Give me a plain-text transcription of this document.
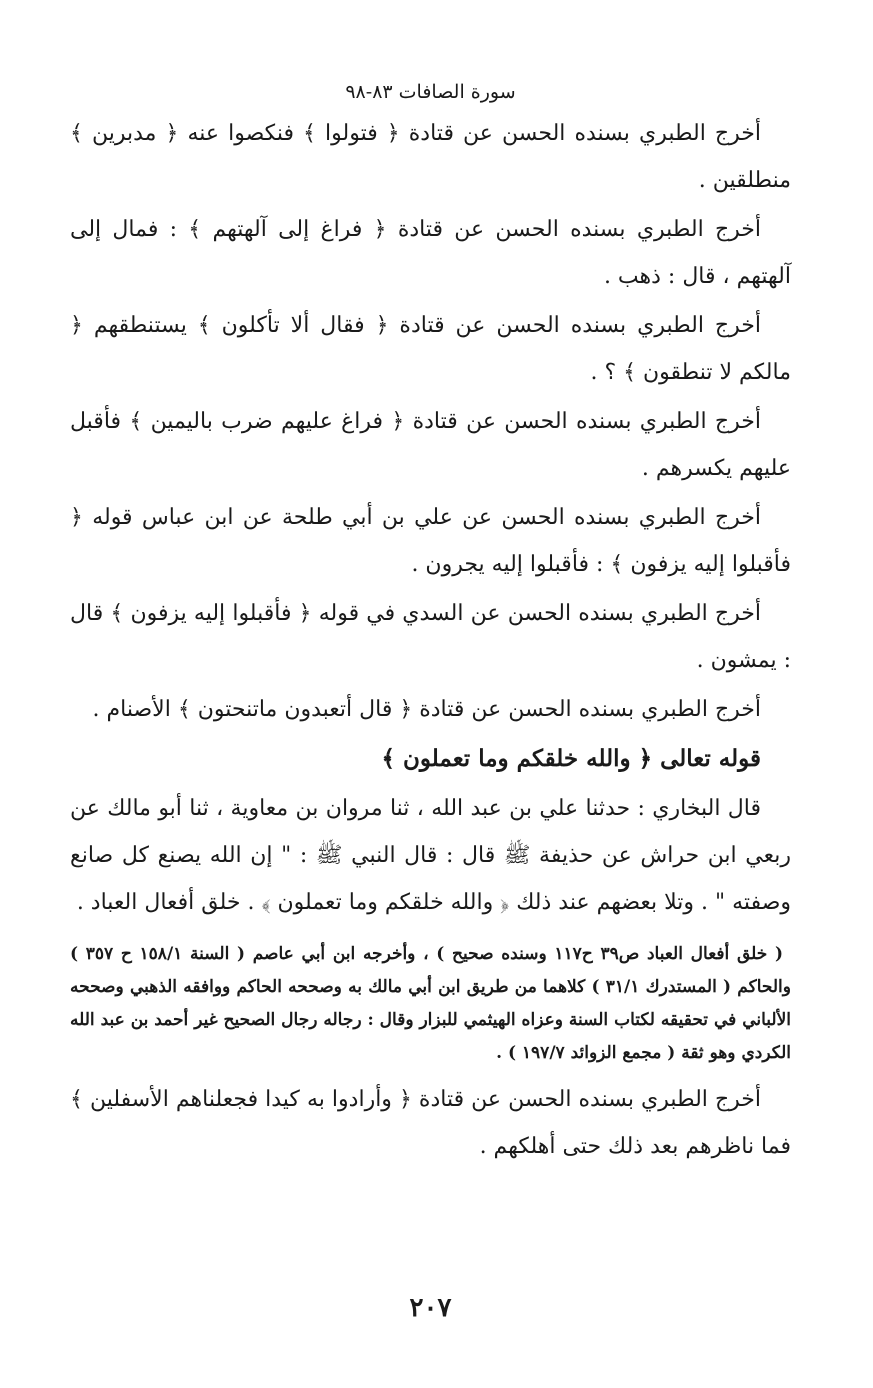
سورة الصافات ٨٣-٩٨

أخرج الطبري بسنده الحسن عن قتادة ﴿ فتولوا ﴾ فنكصوا عنه ﴿ مدبرين ﴾ منطلقين .

أخرج الطبري بسنده الحسن عن قتادة ﴿ فراغ إلى آلهتهم ﴾ : فمال إلى آلهتهم ، قال : ذهب .

أخرج الطبري بسنده الحسن عن قتادة ﴿ فقال ألا تأكلون ﴾ يستنطقهم ﴿ مالكم لا تنطقون ﴾ ؟ .

أخرج الطبري بسنده الحسن عن قتادة ﴿ فراغ عليهم ضرب باليمين ﴾ فأقبل عليهم يكسرهم .

أخرج الطبري بسنده الحسن عن علي بن أبي طلحة عن ابن عباس قوله ﴿ فأقبلوا إليه يزفون ﴾ : فأقبلوا إليه يجرون .

أخرج الطبري بسنده الحسن عن السدي في قوله ﴿ فأقبلوا إليه يزفون ﴾ قال : يمشون .

أخرج الطبري بسنده الحسن عن قتادة ﴿ قال أتعبدون ماتنحتون ﴾ الأصنام .

قوله تعالى ﴿ والله خلقكم وما تعملون ﴾

قال البخاري : حدثنا علي بن عبد الله ، ثنا مروان بن معاوية ، ثنا أبو مالك عن ربعي ابن حراش عن حذيفة ﷺ قال : قال النبي ﷺ : " إن الله يصنع كل صانع وصفته " . وتلا بعضهم عند ذلك ﴿ والله خلقكم وما تعملون ﴾ . خلق أفعال العباد .

( خلق أفعال العباد ص٣٩ ح١١٧ وسنده صحيح ) ، وأخرجه ابن أبي عاصم ( السنة ١٥٨/١ ح ٣٥٧ ) والحاكم ( المستدرك ٣١/١ ) كلاهما من طريق ابن أبي مالك به وصححه الحاكم ووافقه الذهبي وصححه الألباني في تحقيقه لكتاب السنة وعزاه الهيثمي للبزار وقال : رجاله رجال الصحيح غير أحمد بن عبد الله الكردي وهو ثقة ( مجمع الزوائد ١٩٧/٧ ) .

أخرج الطبري بسنده الحسن عن قتادة ﴿ وأرادوا به كيدا فجعلناهم الأسفلين ﴾ فما ناظرهم بعد ذلك حتى أهلكهم .

٢٠٧
